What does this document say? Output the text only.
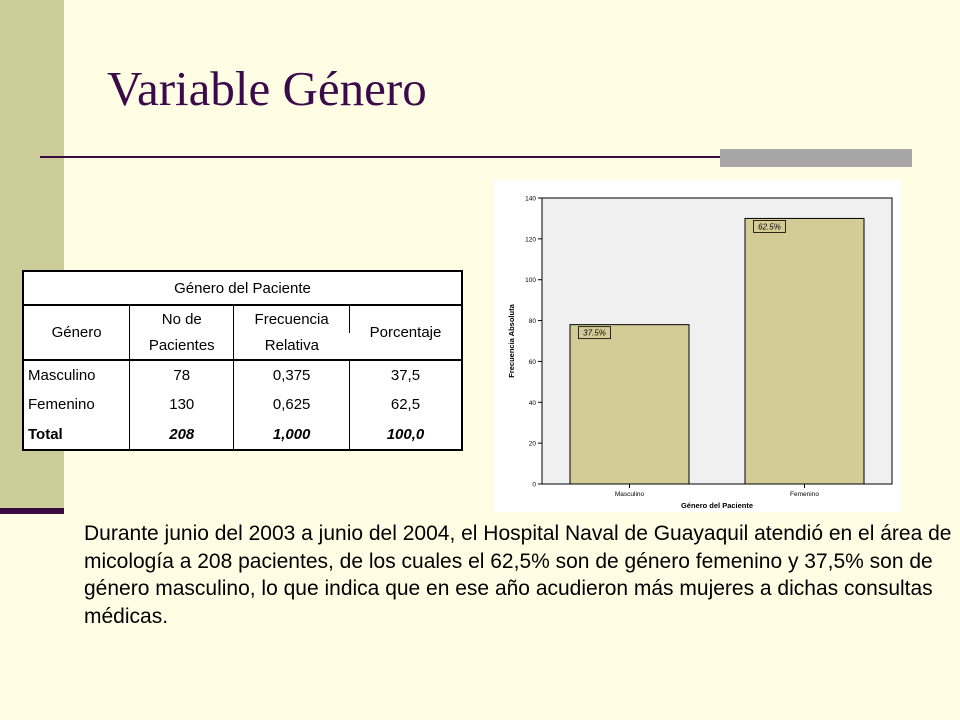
Variable Género
Género del Paciente			
Género	No de	Frecuencia	Porcentaje
	Pacientes	Relativa	
Masculino	78	0,375	37,5
Femenino	130	0,625	62,5
Total	208	1,000	100,0
0
20
40
60
80
100
120
140
Frecuencia Absoluta	37.5%
Masculino
62.5%
Femenino
Género del Paciente

Durante junio del 2003 a junio del 2004, el Hospital Naval de Guayaquil atendió en el área de micología a 208 pacientes, de los cuales el 62,5% son de género femenino y 37,5% son de género masculino, lo que indica que en ese año acudieron más mujeres a dichas consultas médicas.
